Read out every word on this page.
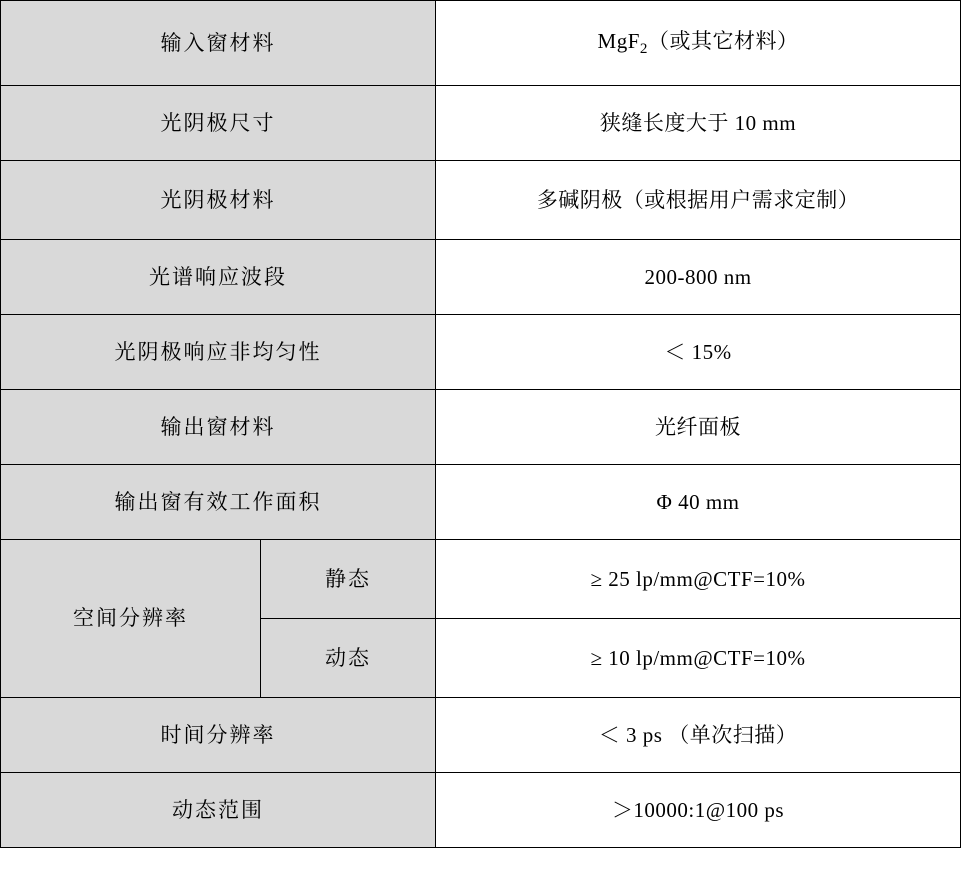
输入窗材料		MgF$_2$（或其它材料）
光阴极尺寸		狭缝长度大于 10 mm
光阴极材料		多碱阴极（或根据用户需求定制）
光谱响应波段		200-800 nm
光阴极响应非均匀性		＜ 15%
输出窗材料		光纤面板
输出窗有效工作面积		Φ 40 mm
空间分辨率	静态	≥ 25 lp/mm@CTF=10%
	动态	≥ 10 lp/mm@CTF=10%
时间分辨率		＜ 3 ps （单次扫描）
动态范围		＞10000:1@100 ps
